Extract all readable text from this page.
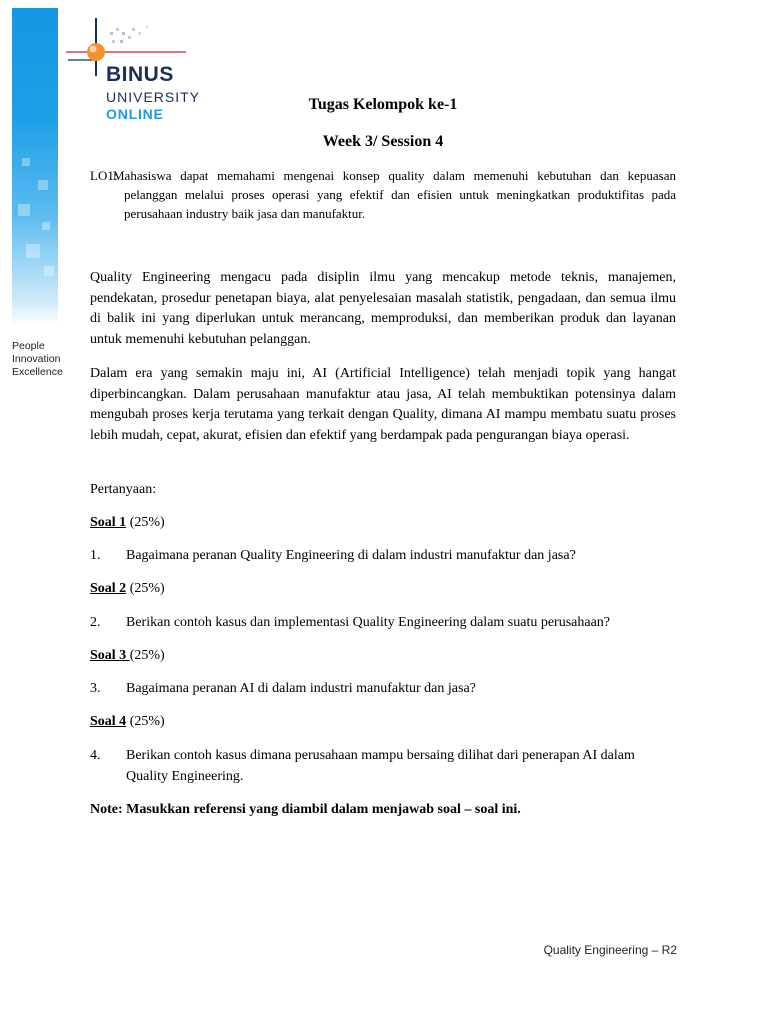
People
Innovation
Excellence
BINUS
UNIVERSITY
ONLINE
Tugas Kelompok ke-1
Week 3/ Session 4
LO1:
Mahasiswa dapat memahami mengenai konsep quality dalam memenuhi kebutuhan dan kepuasan pelanggan melalui proses operasi yang efektif dan efisien untuk meningkatkan produktifitas pada perusahaan industry baik jasa dan manufaktur.
Quality Engineering mengacu pada disiplin ilmu yang mencakup metode teknis, manajemen, pendekatan, prosedur penetapan biaya, alat penyelesaian masalah statistik, pengadaan, dan semua ilmu di balik ini yang diperlukan untuk merancang, memproduksi, dan memberikan produk dan layanan untuk memenuhi kebutuhan pelanggan.
Dalam era yang semakin maju ini, AI (Artificial Intelligence) telah menjadi topik yang hangat diperbincangkan. Dalam perusahaan manufaktur atau jasa, AI telah membuktikan potensinya dalam mengubah proses kerja terutama yang terkait dengan Quality, dimana AI mampu membatu suatu proses lebih mudah, cepat, akurat, efisien dan efektif yang berdampak pada pengurangan biaya operasi.
Pertanyaan:
Soal 1 (25%)
1. Bagaimana peranan Quality Engineering di dalam industri manufaktur dan jasa?
Soal 2 (25%)
2. Berikan contoh kasus dan implementasi Quality Engineering dalam suatu perusahaan?
Soal 3 (25%)
3. Bagaimana peranan AI di dalam industri manufaktur dan jasa?
Soal 4 (25%)
4. Berikan contoh kasus dimana perusahaan mampu bersaing dilihat dari penerapan AI dalam Quality Engineering.
Note: Masukkan referensi yang diambil dalam menjawab soal – soal ini.
Quality Engineering – R2
